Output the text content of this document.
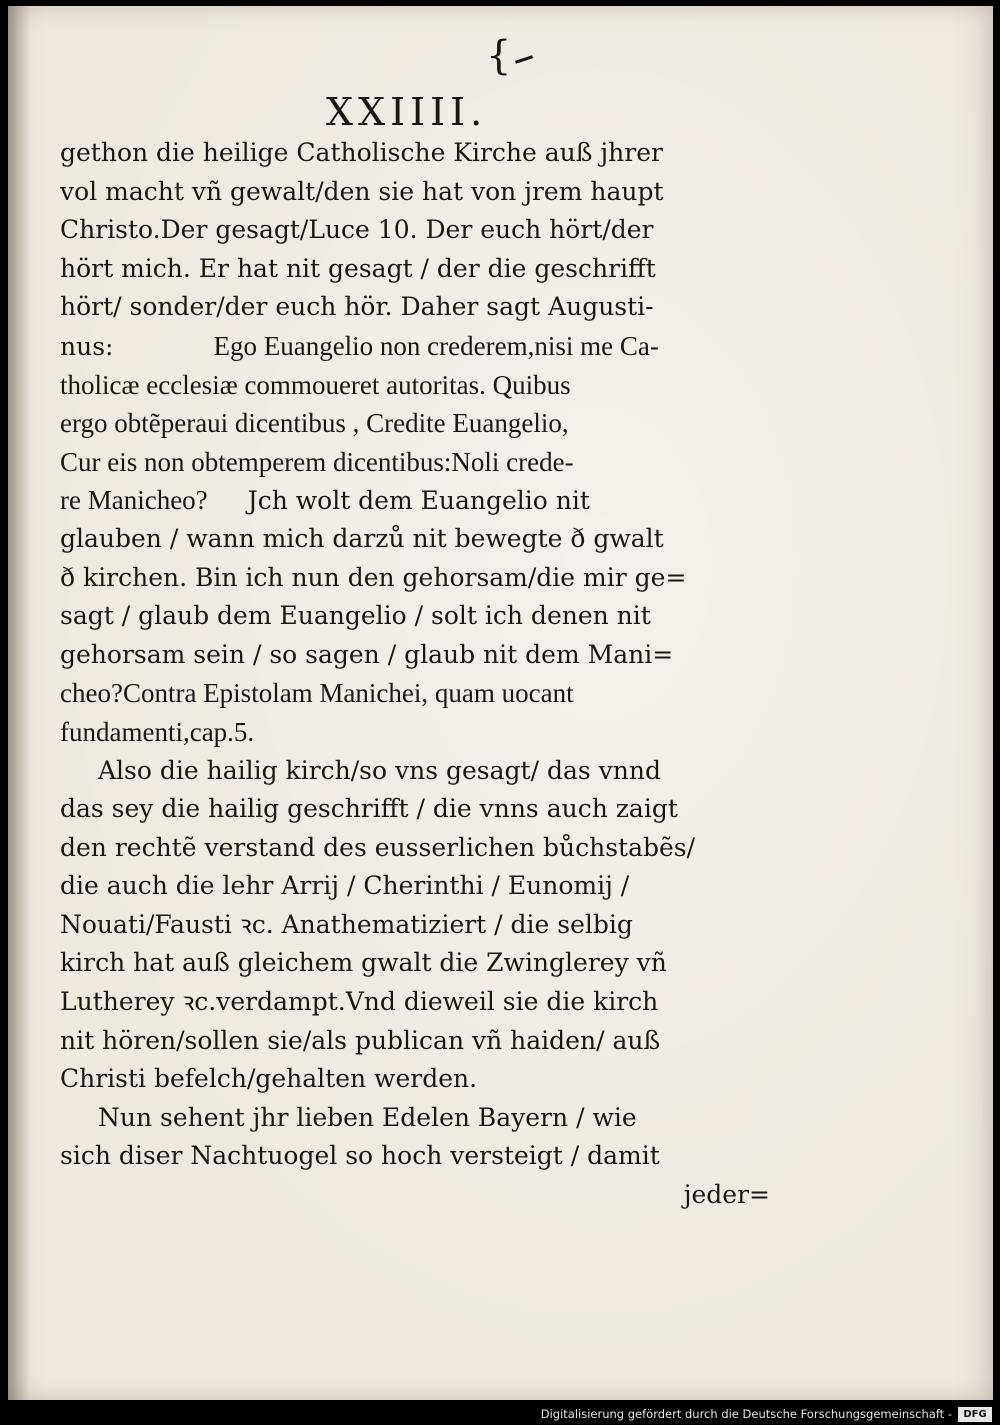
{
XXIIII.
gethon die heilige Catholische Kirche auß jhrer
vol macht vñ gewalt/den sie hat von jrem haupt
Christo.Der gesagt/Luce 10. Der euch hört/der
hört mich. Er hat nit gesagt / der die geschrifft
hört/ sonder/der euch hör. Daher sagt Augusti-
nus:	Ego Euangelio non crederem,nisi me Ca-
tholicæ ecclesiæ commoueret autoritas. Quibus
ergo obtẽperaui dicentibus , Credite Euangelio,
Cur eis non obtemperem dicentibus:Noli crede-
re Manicheo? Jch wolt dem Euangelio nit
glauben / wann mich darzů nit bewegte ð gwalt
ð kirchen. Bin ich nun den gehorsam/die mir ge=
sagt / glaub dem Euangelio / solt ich denen nit
gehorsam sein / so sagen / glaub nit dem Mani=
cheo?Contra Epistolam Manichei, quam uocant
fundamenti,cap.5.
Also die hailig kirch/so vns gesagt/ das vnnd
das sey die hailig geschrifft / die vnns auch zaigt
den rechtẽ verstand des eusserlichen bůchstabẽs/
die auch die lehr Arrij / Cherinthi / Eunomij /
Nouati/Fausti ꝛc. Anathematiziert / die selbig
kirch hat auß gleichem gwalt die Zwinglerey vñ
Lutherey ꝛc.verdampt.Vnd dieweil sie die kirch
nit hören/sollen sie/als publican vñ haiden/ auß
Christi befelch/gehalten werden.
Nun sehent jhr lieben Edelen Bayern / wie
sich diser Nachtuogel so hoch versteigt / damit
jeder=
Digitalisierung gefördert durch die Deutsche Forschungsgemeinschaft -	DFG
